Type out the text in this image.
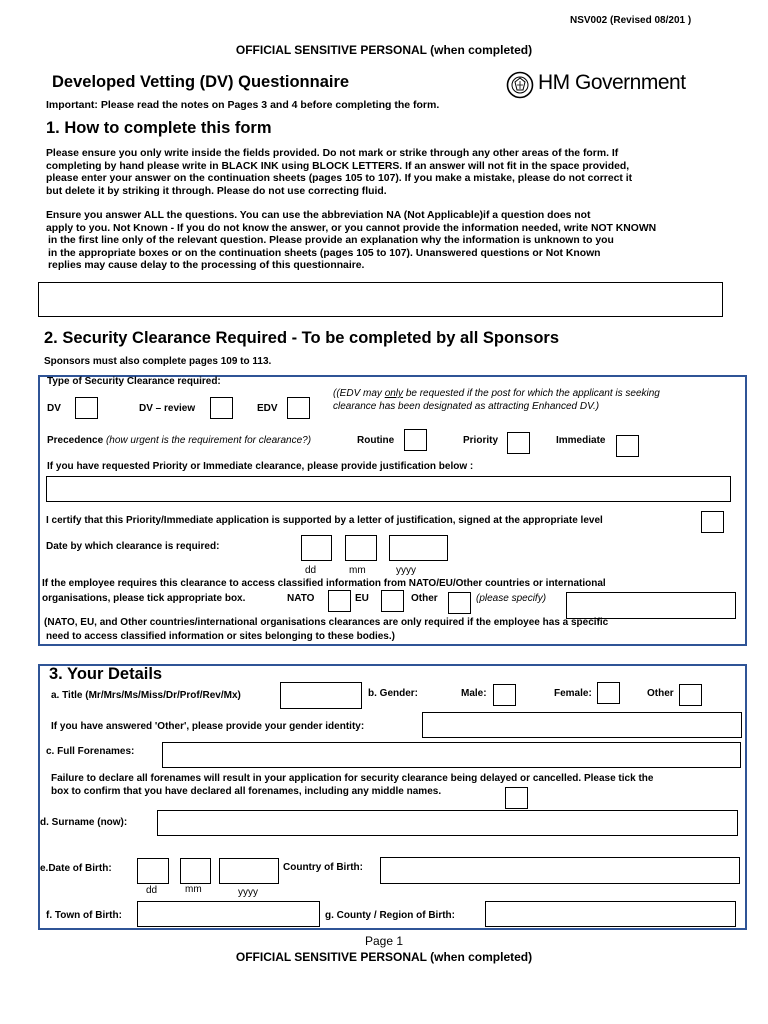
NSV002 (Revised 08/201 )
OFFICIAL SENSITIVE PERSONAL (when completed)
Developed Vetting (DV) Questionnaire	HM Government
Important: Please read the notes on Pages 3 and 4 before completing the form.
1. How to complete this form
Please ensure you only write inside the fields provided. Do not mark or strike through any other areas of the form. If
completing by hand please write in BLACK INK using BLOCK LETTERS. If an answer will not fit in the space provided,
please enter your answer on the continuation sheets (pages 105 to 107). If you make a mistake, please do not correct it
but delete it by striking it through. Please do not use correcting fluid.
Ensure you answer ALL the questions. You can use the abbreviation NA (Not Applicable)if a question does not
apply to you. Not Known - If you do not know the answer, or you cannot provide the information needed, write NOT KNOWN
in the first line only of the relevant question. Please provide an explanation why the information is unknown to you
in the appropriate boxes or on the continuation sheets (pages 105 to 107). Unanswered questions or Not Known
replies may cause delay to the processing of this questionnaire.
2. Security Clearance Required - To be completed by all Sponsors
Sponsors must also complete pages 109 to 113.
Type of Security Clearance required:
DV	DV – review	EDV
((EDV may only be requested if the post for which the applicant is seeking
clearance has been designated as attracting Enhanced DV.)
Precedence (how urgent is the requirement for clearance?)	Routine	Priority	Immediate
If you have requested Priority or Immediate clearance, please provide justification below :
I certify that this Priority/Immediate application is supported by a letter of justification, signed at the appropriate level
Date by which clearance is required:
dd	mm	yyyy
If the employee requires this clearance to access classified information from NATO/EU/Other countries or international
organisations, please tick appropriate box.	NATO	EU	Other	(please specify)
(NATO, EU, and Other countries/international organisations clearances are only required if the employee has a specific
need to access classified information or sites belonging to these bodies.)
3. Your Details
a. Title (Mr/Mrs/Ms/Miss/Dr/Prof/Rev/Mx)	b. Gender:	Male:	Female:	Other
If you have answered 'Other', please provide your gender identity:
c. Full Forenames:
Failure to declare all forenames will result in your application for security clearance being delayed or cancelled. Please tick the
box to confirm that you have declared all forenames, including any middle names.
d. Surname (now):
e.Date of Birth:
dd	mm	yyyy
Country of Birth:
f. Town of Birth:	g. County / Region of Birth:
Page 1
OFFICIAL SENSITIVE PERSONAL (when completed)
